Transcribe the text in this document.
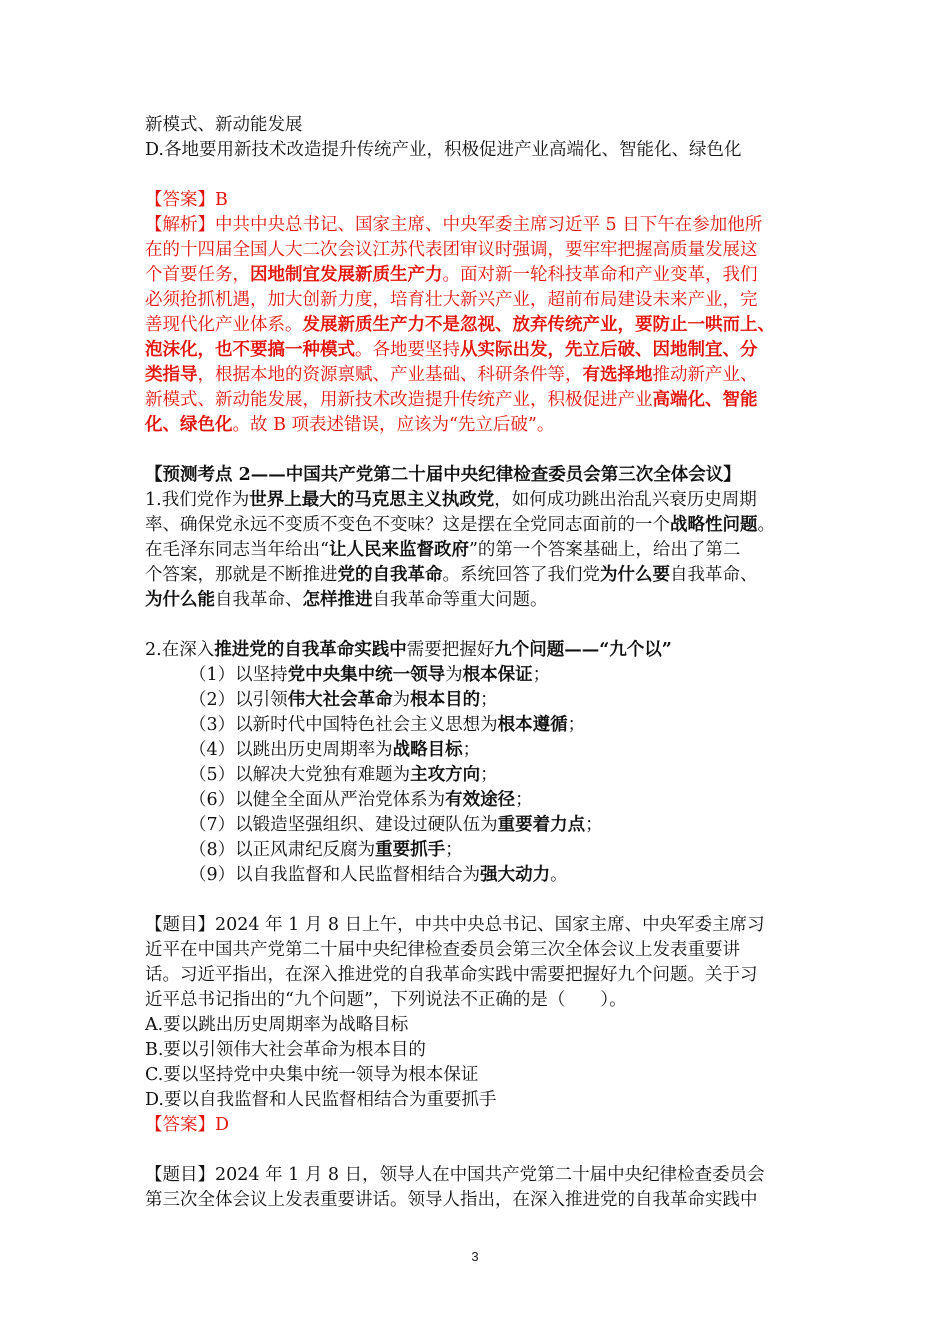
新模式、新动能发展
D.各地要用新技术改造提升传统产业，积极促进产业高端化、智能化、绿色化
【答案】B
【解析】中共中央总书记、国家主席、中央军委主席习近平 5 日下午在参加他所
在的十四届全国人大二次会议江苏代表团审议时强调，要牢牢把握高质量发展这
个首要任务，因地制宜发展新质生产力。面对新一轮科技革命和产业变革，我们
必须抢抓机遇，加大创新力度，培育壮大新兴产业，超前布局建设未来产业，完
善现代化产业体系。发展新质生产力不是忽视、放弃传统产业，要防止一哄而上、
泡沫化，也不要搞一种模式。各地要坚持从实际出发，先立后破、因地制宜、分
类指导，根据本地的资源禀赋、产业基础、科研条件等，有选择地推动新产业、
新模式、新动能发展，用新技术改造提升传统产业，积极促进产业高端化、智能
化、绿色化。故 B 项表述错误，应该为“先立后破”。
【预测考点 2——中国共产党第二十届中央纪律检查委员会第三次全体会议】
1.我们党作为世界上最大的马克思主义执政党，如何成功跳出治乱兴衰历史周期
率、确保党永远不变质不变色不变味？这是摆在全党同志面前的一个战略性问题。
在毛泽东同志当年给出“让人民来监督政府”的第一个答案基础上，给出了第二
个答案，那就是不断推进党的自我革命。系统回答了我们党为什么要自我革命、
为什么能自我革命、怎样推进自我革命等重大问题。
2.在深入推进党的自我革命实践中需要把握好九个问题——“九个以”
（1）以坚持党中央集中统一领导为根本保证；
（2）以引领伟大社会革命为根本目的；
（3）以新时代中国特色社会主义思想为根本遵循；
（4）以跳出历史周期率为战略目标；
（5）以解决大党独有难题为主攻方向；
（6）以健全全面从严治党体系为有效途径；
（7）以锻造坚强组织、建设过硬队伍为重要着力点；
（8）以正风肃纪反腐为重要抓手；
（9）以自我监督和人民监督相结合为强大动力。
【题目】2024 年 1 月 8 日上午，中共中央总书记、国家主席、中央军委主席习
近平在中国共产党第二十届中央纪律检查委员会第三次全体会议上发表重要讲
话。习近平指出，在深入推进党的自我革命实践中需要把握好九个问题。关于习
近平总书记指出的“九个问题”，下列说法不正确的是（　　）。
A.要以跳出历史周期率为战略目标
B.要以引领伟大社会革命为根本目的
C.要以坚持党中央集中统一领导为根本保证
D.要以自我监督和人民监督相结合为重要抓手
【答案】D
【题目】2024 年 1 月 8 日，领导人在中国共产党第二十届中央纪律检查委员会
第三次全体会议上发表重要讲话。领导人指出，在深入推进党的自我革命实践中
3
